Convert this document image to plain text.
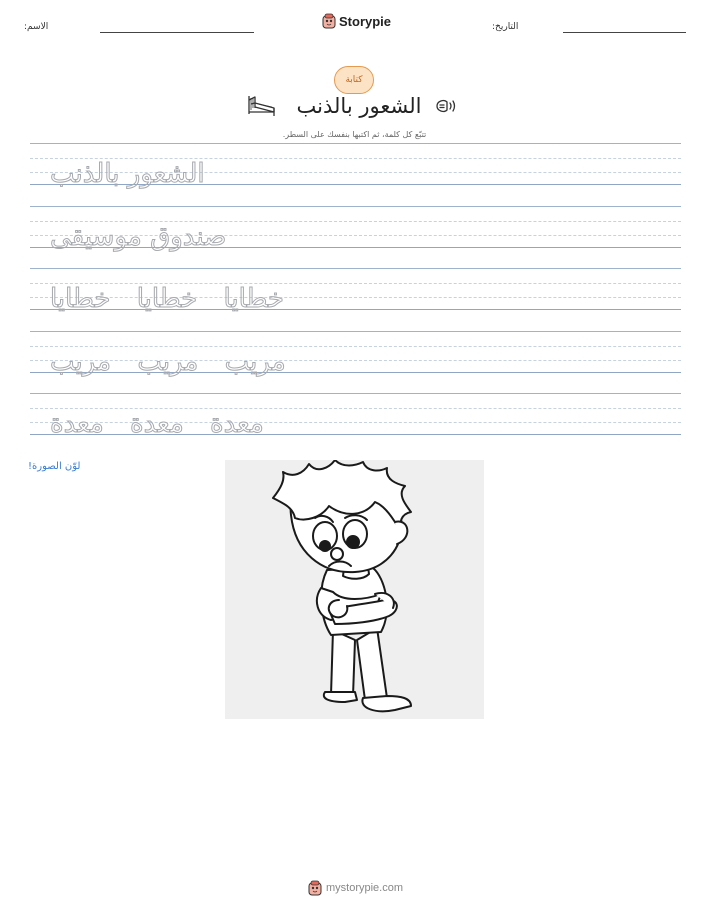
الاسم:	Storypie	التاريخ:
كتابة
الشعور بالذنب
تتبّع كل كلمة، ثم اكتبها بنفسك على السطر.
الشعور بالذنب
صندوق موسيقى
خطايا خطايا خطايا
مريب مريب مريب
معدة معدة معدة
لوّن الصورة!
mystorypie.com
